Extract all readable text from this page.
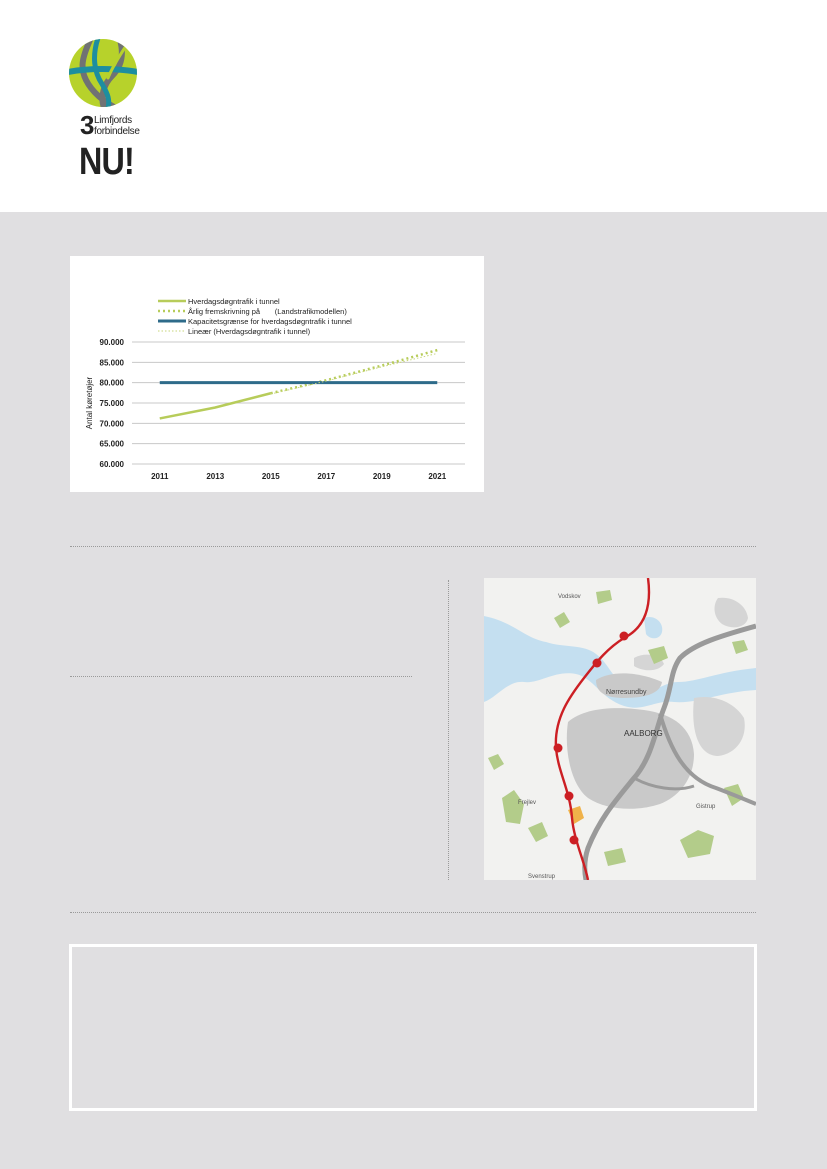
3 Limfjords
forbindelse
NU!
60.000
65.000
70.000
75.000
80.000
85.000
90.000
2011	2013	2015	2017	2019	2021
Antal køretøjer
Hverdagsdøgntrafik i tunnel
Årlig fremskrivning på       (Landstrafikmodellen)
Kapacitetsgrænse for hverdagsdøgntrafik i tunnel
Lineær (Hverdagsdøgntrafik i tunnel)
Vodskov
Nørresundby
AALBORG
Frejlev
Gistrup
Svenstrup
